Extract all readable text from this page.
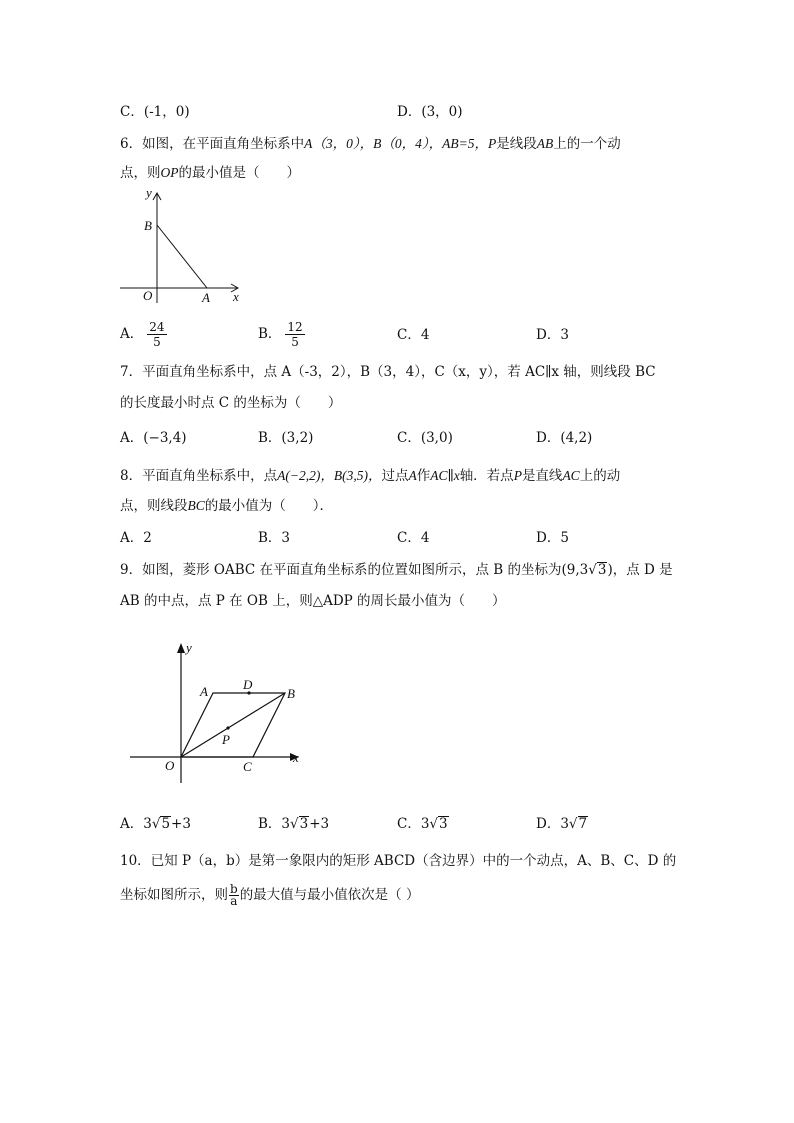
C．(-1，0)	D．(3，0)
6．如图，在平面直角坐标系中A（3，0），B（0，4），AB=5，P是线段AB上的一个动
点，则OP的最小值是（　　）
y
x
B
O	A
A． $\frac{24}{5}$	B． $\frac{12}{5}$	C．4	D．3
7．平面直角坐标系中，点 A（-3，2），B（3，4），C（x，y），若 AC∥x 轴，则线段 BC
的长度最小时点 C 的坐标为（　　）
A．(−3,4)	B．(3,2)	C．(3,0)	D．(4,2)
8．平面直角坐标系中，点A(−2,2)，B(3,5)，过点A作AC∥x轴．若点P是直线AC上的动
点，则线段BC的最小值为（　　）．
A．2	B．3	C．4	D．5
9．如图，菱形 OABC 在平面直角坐标系的位置如图所示，点 B 的坐标为(9,3√3)，点 D 是
AB 的中点，点 P 在 OB 上，则△ADP 的周长最小值为（　　）
y
x
A	D
B
P
O	C
A．3√5+3	B．3√3+3	C．3√3	D．3√7
10．已知 P（a，b）是第一象限内的矩形 ABCD（含边界）中的一个动点，A、B、C、D 的
坐标如图所示，则 $\frac{b}{a}$ 的最大值与最小值依次是（ ）
